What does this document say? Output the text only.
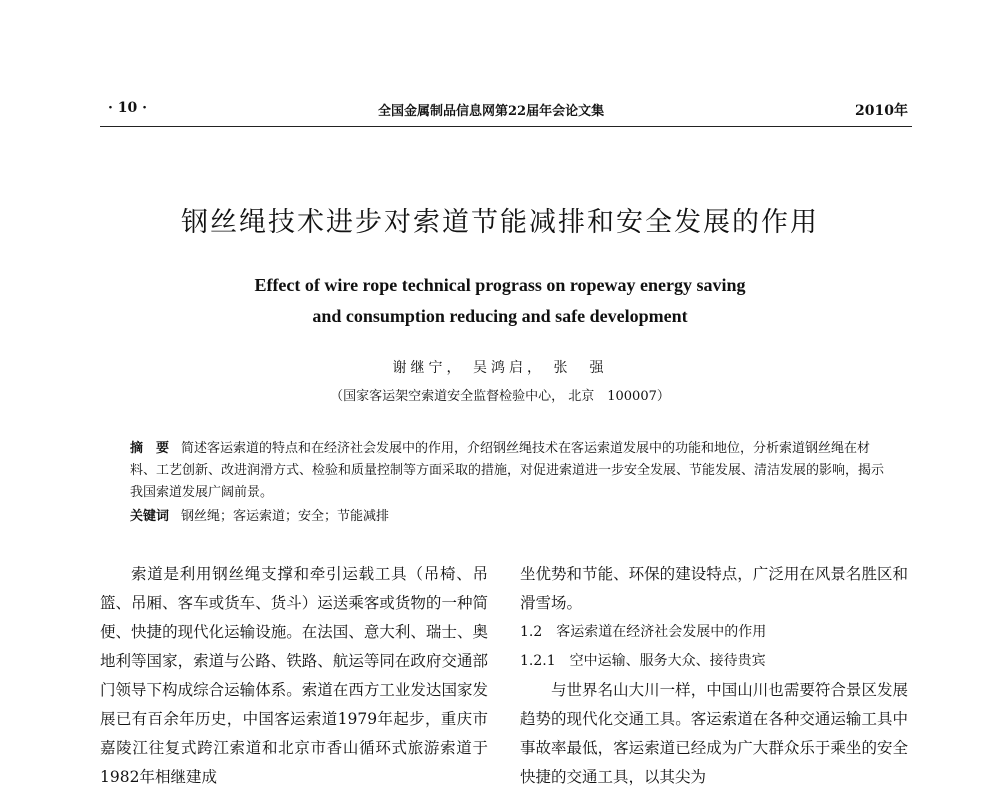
· 10 ·	全国金属制品信息网第22届年会论文集	2010年
钢丝绳技术进步对索道节能减排和安全发展的作用
Effect of wire rope technical prograss on ropeway energy saving
and consumption reducing and safe development
谢继宁， 吴鸿启， 张　强
（国家客运架空索道安全监督检验中心， 北京　100007）
摘　要 简述客运索道的特点和在经济社会发展中的作用，介绍钢丝绳技术在客运索道发展中的功能和地位，分析索道钢丝绳在材料、工艺创新、改进润滑方式、检验和质量控制等方面采取的措施，对促进索道进一步安全发展、节能发展、清洁发展的影响，揭示我国索道发展广阔前景。
关键词 钢丝绳；客运索道；安全；节能减排

索道是利用钢丝绳支撑和牵引运载工具（吊椅、吊篮、吊厢、客车或货车、货斗）运送乘客或货物的一种简便、快捷的现代化运输设施。在法国、意大利、瑞士、奥地利等国家，索道与公路、铁路、航运等同在政府交通部门领导下构成综合运输体系。索道在西方工业发达国家发展已有百余年历史，中国客运索道1979年起步，重庆市嘉陵江往复式跨江索道和北京市香山循环式旅游索道于1982年相继建成

坐优势和节能、环保的建设特点，广泛用在风景名胜区和滑雪场。

1.2　客运索道在经济社会发展中的作用

1.2.1　空中运输、服务大众、接待贵宾

与世界名山大川一样，中国山川也需要符合景区发展趋势的现代化交通工具。客运索道在各种交通运输工具中事故率最低，客运索道已经成为广大群众乐于乘坐的安全快捷的交通工具，以其尖为
